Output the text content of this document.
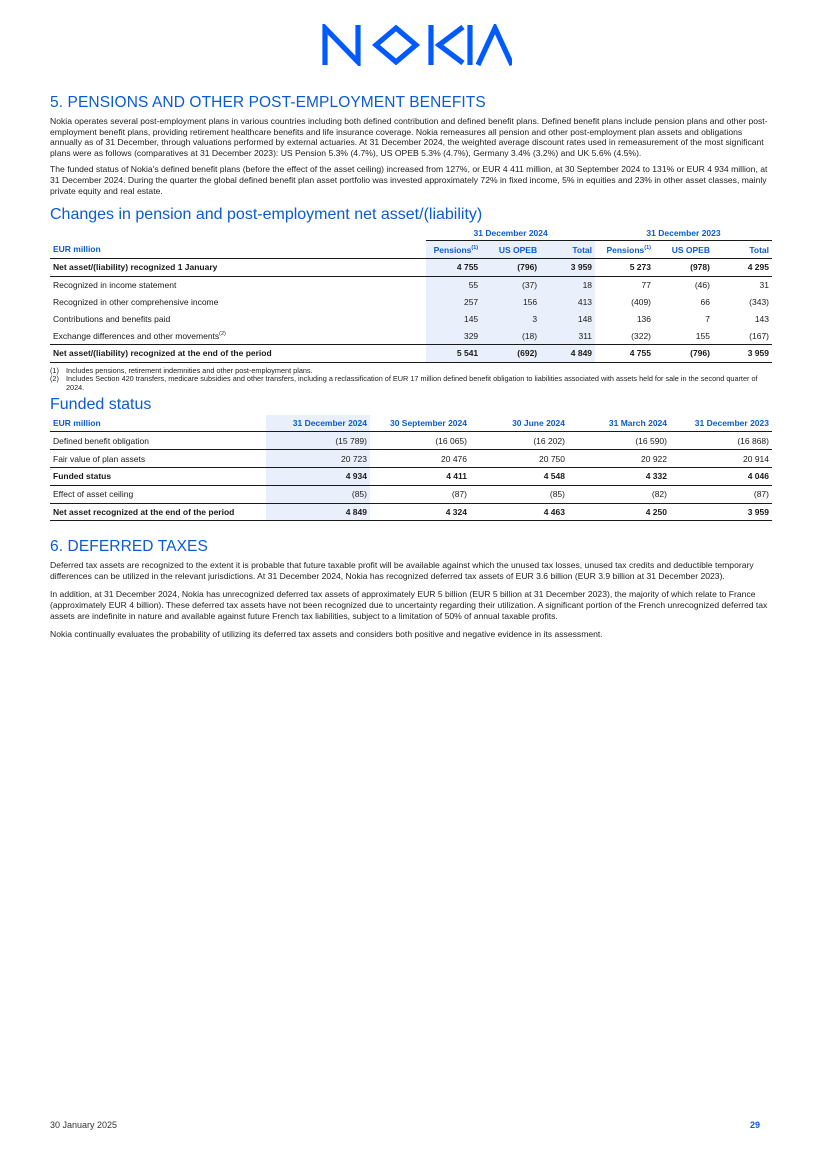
5. PENSIONS AND OTHER POST-EMPLOYMENT BENEFITS

Nokia operates several post-employment plans in various countries including both defined contribution and defined benefit plans. Defined benefit plans include pension plans and other post-employment benefit plans, providing retirement healthcare benefits and life insurance coverage. Nokia remeasures all pension and other post-employment plan assets and obligations annually as of 31 December, through valuations performed by external actuaries. At 31 December 2024, the weighted average discount rates used in remeasurement of the most significant plans were as follows (comparatives at 31 December 2023): US Pension 5.3% (4.7%), US OPEB 5.3% (4.7%), Germany 3.4% (3.2%) and UK 5.6% (4.5%).

The funded status of Nokia's defined benefit plans (before the effect of the asset ceiling) increased from 127%, or EUR 4 411 million, at 30 September 2024 to 131% or EUR 4 934 million, at 31 December 2024. During the quarter the global defined benefit plan asset portfolio was invested approximately 72% in fixed income, 5% in equities and 23% in other asset classes, mainly private equity and real estate.

Changes in pension and post-employment net asset/(liability)
	31 December 2024			31 December 2023		
EUR million	Pensions$^{(1)}$	US OPEB	Total	Pensions$^{(1)}$	US OPEB	Total
Net asset/(liability) recognized 1 January	4 755	(796)	3 959	5 273	(978)	4 295
Recognized in income statement	55	(37)	18	77	(46)	31
Recognized in other comprehensive income	257	156	413	(409)	66	(343)
Contributions and benefits paid	145	3	148	136	7	143
Exchange differences and other movements$^{(2)}$	329	(18)	311	(322)	155	(167)
Net asset/(liability) recognized at the end of the period	5 541	(692)	4 849	4 755	(796)	3 959
(1) Includes pensions, retirement indemnities and other post-employment plans.
(2) Includes Section 420 transfers, medicare subsidies and other transfers, including a reclassification of EUR 17 million defined benefit obligation to liabilities associated with assets held for sale in the second quarter of 2024.
Funded status
EUR million	31 December 2024	30 September 2024	30 June 2024	31 March 2024	31 December 2023
Defined benefit obligation	(15 789)	(16 065)	(16 202)	(16 590)	(16 868)
Fair value of plan assets	20 723	20 476	20 750	20 922	20 914
Funded status	4 934	4 411	4 548	4 332	4 046
Effect of asset ceiling	(85)	(87)	(85)	(82)	(87)
Net asset recognized at the end of the period	4 849	4 324	4 463	4 250	3 959
6. DEFERRED TAXES

Deferred tax assets are recognized to the extent it is probable that future taxable profit will be available against which the unused tax losses, unused tax credits and deductible temporary differences can be utilized in the relevant jurisdictions. At 31 December 2024, Nokia has recognized deferred tax assets of EUR 3.6 billion (EUR 3.9 billion at 31 December 2023).

In addition, at 31 December 2024, Nokia has unrecognized deferred tax assets of approximately EUR 5 billion (EUR 5 billion at 31 December 2023), the majority of which relate to France (approximately EUR 4 billion). These deferred tax assets have not been recognized due to uncertainty regarding their utilization. A significant portion of the French unrecognized deferred tax assets are indefinite in nature and available against future French tax liabilities, subject to a limitation of 50% of annual taxable profits.

Nokia continually evaluates the probability of utilizing its deferred tax assets and considers both positive and negative evidence in its assessment.

30 January 2025	29
